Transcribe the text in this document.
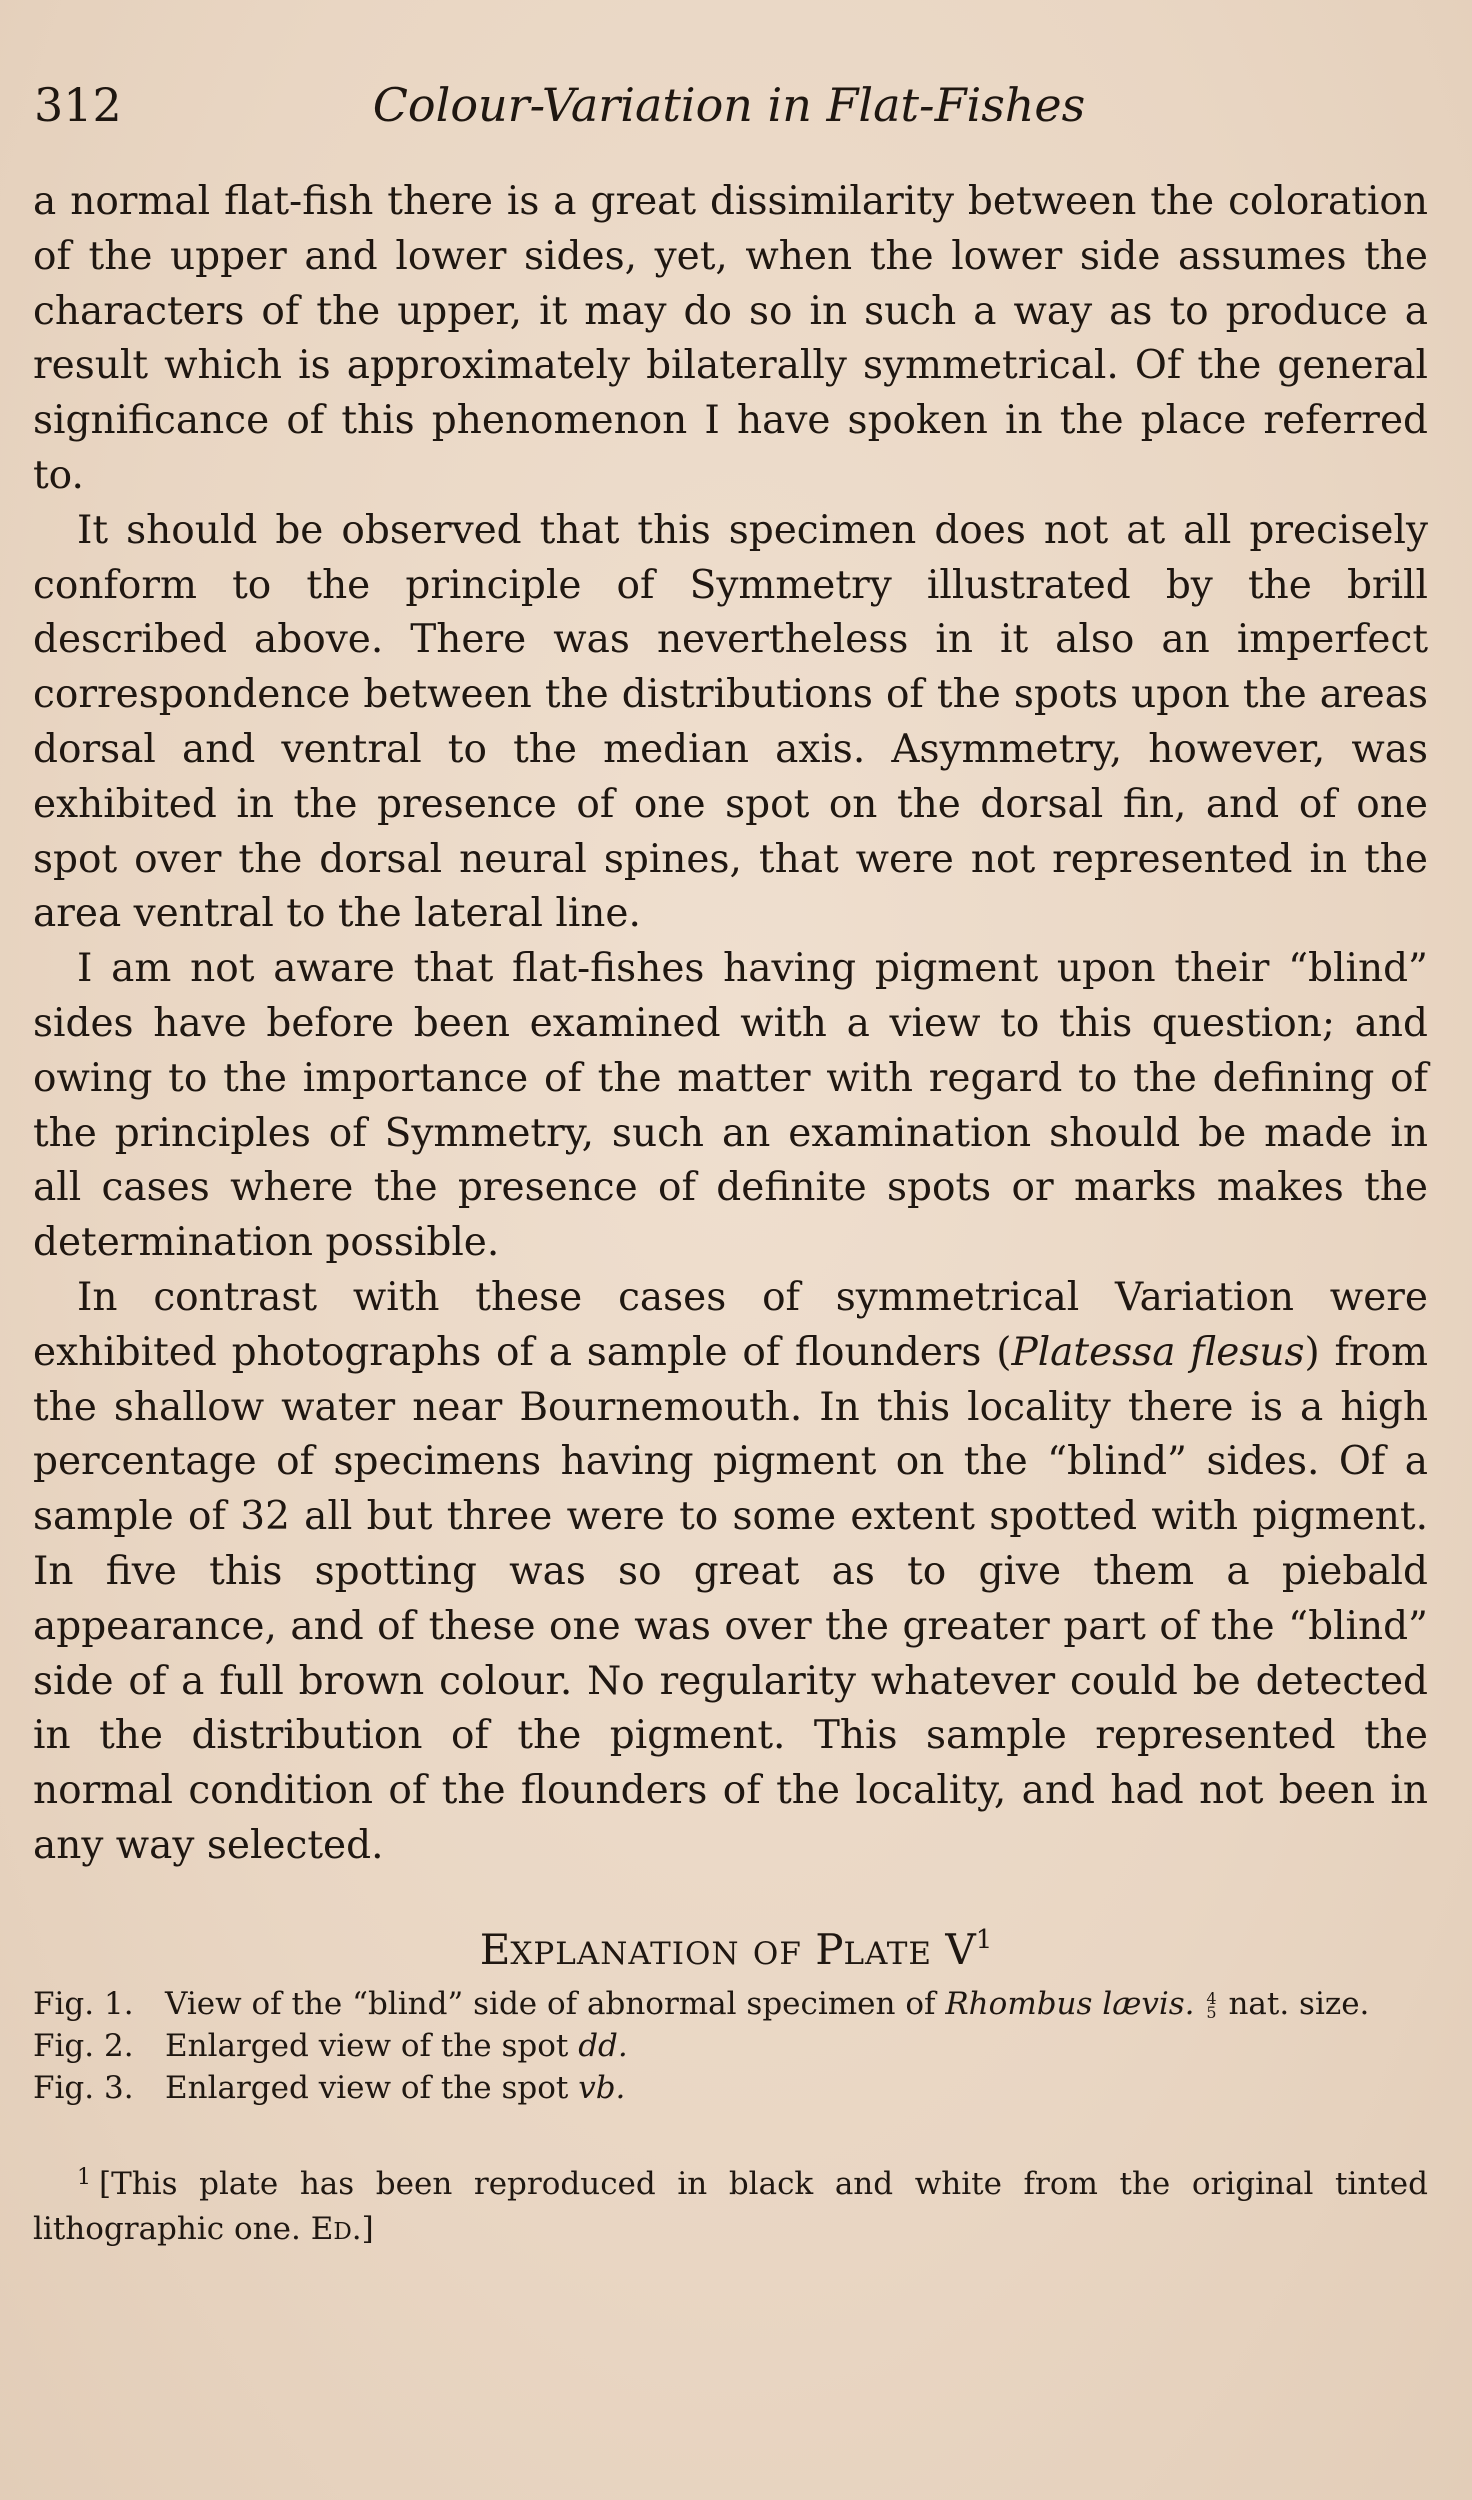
312	Colour-Variation in Flat-Fishes

a normal flat-fish there is a great dissimilarity between the coloration of the upper and lower sides, yet, when the lower side assumes the characters of the upper, it may do so in such a way as to produce a result which is approximately bilaterally symmetrical. Of the general significance of this phenomenon I have spoken in the place referred to.

It should be observed that this specimen does not at all precisely conform to the principle of Symmetry illustrated by the brill described above. There was nevertheless in it also an imperfect correspondence between the distributions of the spots upon the areas dorsal and ventral to the median axis. Asymmetry, however, was exhibited in the presence of one spot on the dorsal fin, and of one spot over the dorsal neural spines, that were not represented in the area ventral to the lateral line.

I am not aware that flat-fishes having pigment upon their “blind” sides have before been examined with a view to this question; and owing to the importance of the matter with regard to the defining of the principles of Symmetry, such an examination should be made in all cases where the presence of definite spots or marks makes the determination possible.

In contrast with these cases of symmetrical Variation were exhibited photographs of a sample of flounders (Platessa flesus) from the shallow water near Bournemouth. In this locality there is a high percentage of specimens having pigment on the “blind” sides. Of a sample of 32 all but three were to some extent spotted with pigment. In five this spotting was so great as to give them a piebald appearance, and of these one was over the greater part of the “blind” side of a full brown colour. No regularity whatever could be detected in the distribution of the pigment. This sample represented the normal condition of the flounders of the locality, and had not been in any way selected.

EXPLANATION OF PLATE $V^1$
Fig. 1.	View of the “blind” side of abnormal specimen of Rhombus lævis. 4
5 nat. size.
Fig. 2.	Enlarged view of the spot dd.
Fig. 3.	Enlarged view of the spot vb.
$^1$ [This plate has been reproduced in black and white from the original tinted lithographic one. ED.]
